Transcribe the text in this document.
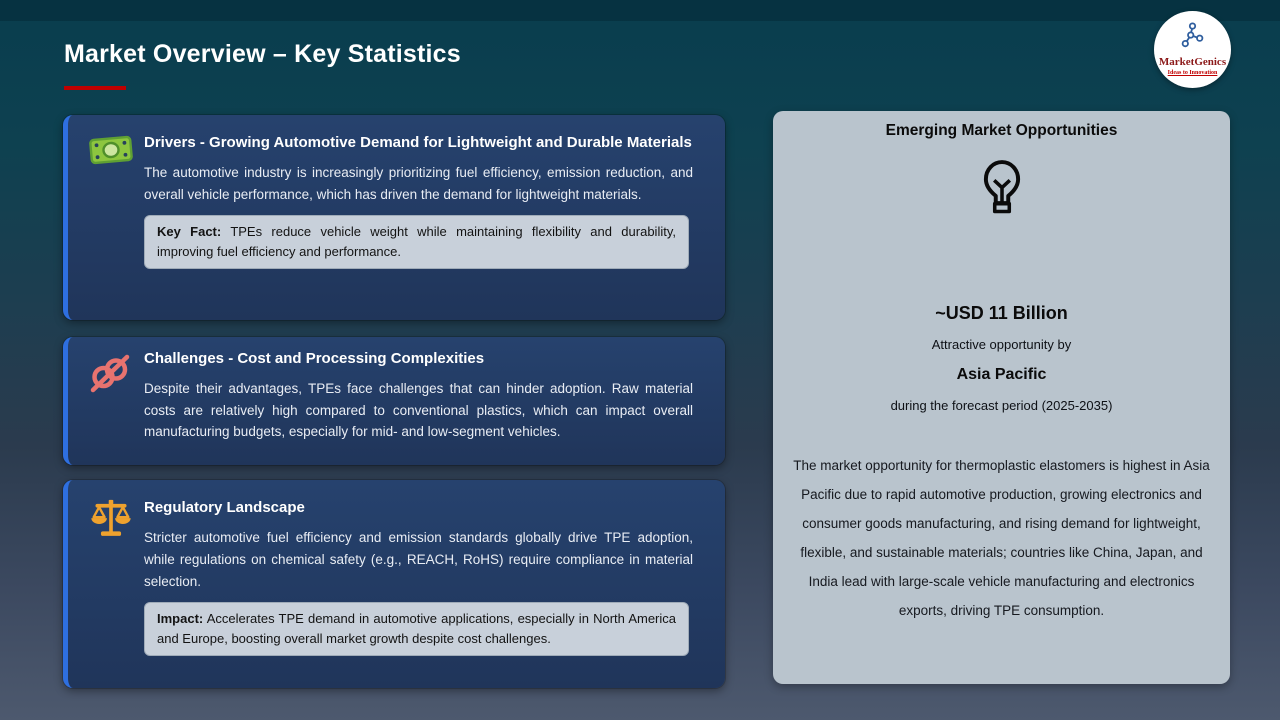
Market Overview – Key Statistics
Drivers - Growing Automotive Demand for Lightweight and Durable Materials

The automotive industry is increasingly prioritizing fuel efficiency, emission reduction, and overall vehicle performance, which has driven the demand for lightweight materials.

Key Fact: TPEs reduce vehicle weight while maintaining flexibility and durability, improving fuel efficiency and performance.
Challenges - Cost and Processing Complexities

Despite their advantages, TPEs face challenges that can hinder adoption. Raw material costs are relatively high compared to conventional plastics, which can impact overall manufacturing budgets, especially for mid- and low-segment vehicles.

Regulatory Landscape

Stricter automotive fuel efficiency and emission standards globally drive TPE adoption, while regulations on chemical safety (e.g., REACH, RoHS) require compliance in material selection.

Impact: Accelerates TPE demand in automotive applications, especially in North America and Europe, boosting overall market growth despite cost challenges.
Emerging Market Opportunities
~USD 11 Billion
Attractive opportunity by
Asia Pacific
during the forecast period (2025-2035)

The market opportunity for thermoplastic elastomers is highest in Asia Pacific due to rapid automotive production, growing electronics and consumer goods manufacturing, and rising demand for lightweight, flexible, and sustainable materials; countries like China, Japan, and India lead with large-scale vehicle manufacturing and electronics exports, driving TPE consumption.

MarketGenics
Ideas to Innovation
